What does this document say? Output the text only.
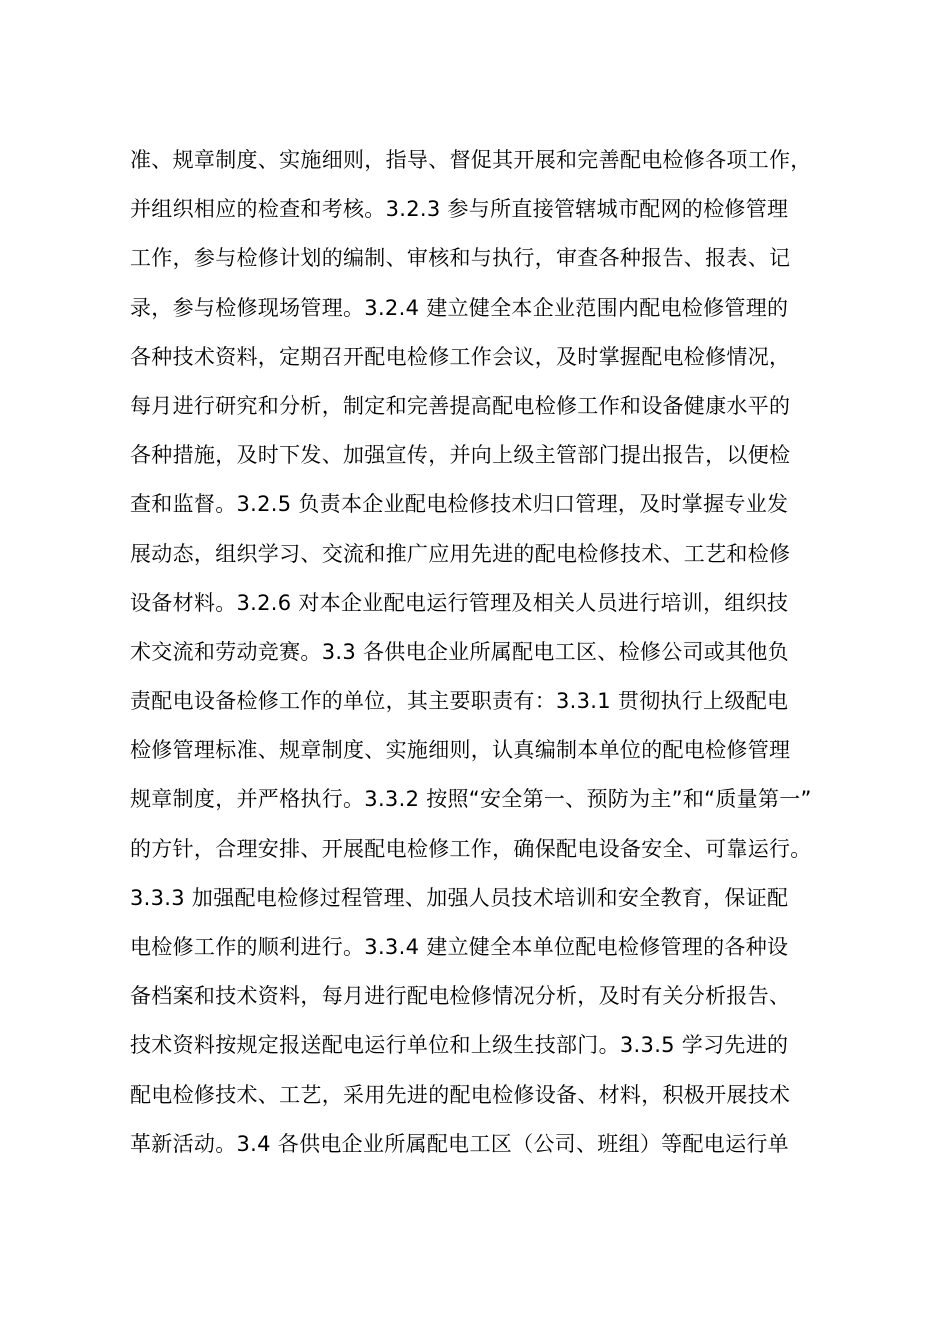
准、规章制度、实施细则，指导、督促其开展和完善配电检修各项工作，
并组织相应的检查和考核。3.2.3 参与所直接管辖城市配网的检修管理
工作，参与检修计划的编制、审核和与执行，审查各种报告、报表、记
录，参与检修现场管理。3.2.4 建立健全本企业范围内配电检修管理的
各种技术资料，定期召开配电检修工作会议，及时掌握配电检修情况，
每月进行研究和分析，制定和完善提高配电检修工作和设备健康水平的
各种措施，及时下发、加强宣传，并向上级主管部门提出报告，以便检
查和监督。3.2.5 负责本企业配电检修技术归口管理，及时掌握专业发
展动态，组织学习、交流和推广应用先进的配电检修技术、工艺和检修
设备材料。3.2.6 对本企业配电运行管理及相关人员进行培训，组织技
术交流和劳动竞赛。3.3 各供电企业所属配电工区、检修公司或其他负
责配电设备检修工作的单位，其主要职责有：3.3.1 贯彻执行上级配电
检修管理标准、规章制度、实施细则，认真编制本单位的配电检修管理
规章制度，并严格执行。3.3.2 按照“安全第一、预防为主”和“质量第一”
的方针，合理安排、开展配电检修工作，确保配电设备安全、可靠运行。
3.3.3 加强配电检修过程管理、加强人员技术培训和安全教育，保证配
电检修工作的顺利进行。3.3.4 建立健全本单位配电检修管理的各种设
备档案和技术资料，每月进行配电检修情况分析，及时有关分析报告、
技术资料按规定报送配电运行单位和上级生技部门。3.3.5 学习先进的
配电检修技术、工艺，采用先进的配电检修设备、材料，积极开展技术
革新活动。3.4 各供电企业所属配电工区（公司、班组）等配电运行单
